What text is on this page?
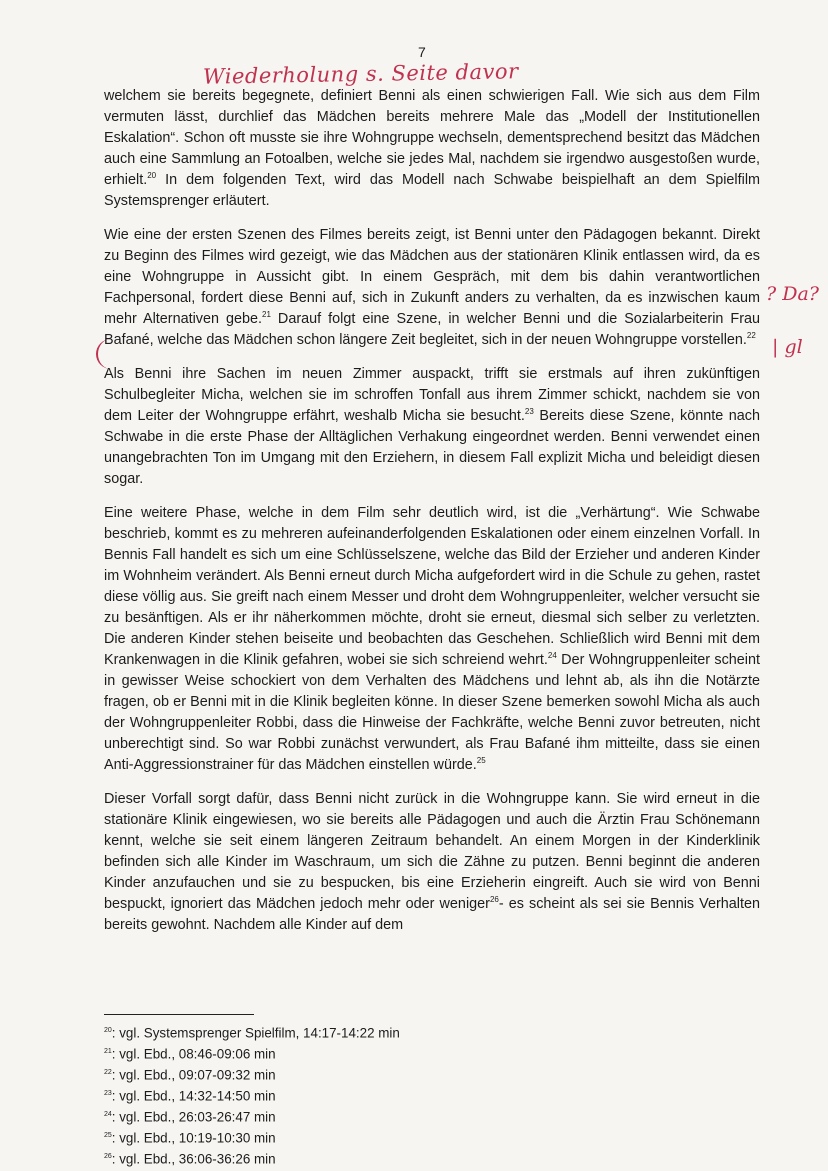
7
Wiederholung s. Seite davor
? Da?
| gl

welchem sie bereits begegnete, definiert Benni als einen schwierigen Fall. Wie sich aus dem Film vermuten lässt, durchlief das Mädchen bereits mehrere Male das „Modell der Institutionellen Eskalation“. Schon oft musste sie ihre Wohngruppe wechseln, dementsprechend besitzt das Mädchen auch eine Sammlung an Fotoalben, welche sie jedes Mal, nachdem sie irgendwo ausgestoßen wurde, erhielt.$^{20}$ In dem folgenden Text, wird das Modell nach Schwabe beispielhaft an dem Spielfilm Systemsprenger erläutert.

Wie eine der ersten Szenen des Filmes bereits zeigt, ist Benni unter den Pädagogen bekannt. Direkt zu Beginn des Filmes wird gezeigt, wie das Mädchen aus der stationären Klinik entlassen wird, da es eine Wohngruppe in Aussicht gibt. In einem Gespräch, mit dem bis dahin verantwortlichen Fachpersonal, fordert diese Benni auf, sich in Zukunft anders zu verhalten, da es inzwischen kaum mehr Alternativen gebe.$^{21}$ Darauf folgt eine Szene, in welcher Benni und die Sozialarbeiterin Frau Bafané, welche das Mädchen schon längere Zeit begleitet, sich in der neuen Wohngruppe vorstellen.$^{22}$

Als Benni ihre Sachen im neuen Zimmer auspackt, trifft sie erstmals auf ihren zukünftigen Schulbegleiter Micha, welchen sie im schroffen Tonfall aus ihrem Zimmer schickt, nachdem sie von dem Leiter der Wohngruppe erfährt, weshalb Micha sie besucht.$^{23}$ Bereits diese Szene, könnte nach Schwabe in die erste Phase der Alltäglichen Verhakung eingeordnet werden. Benni verwendet einen unangebrachten Ton im Umgang mit den Erziehern, in diesem Fall explizit Micha und beleidigt diesen sogar.

Eine weitere Phase, welche in dem Film sehr deutlich wird, ist die „Verhärtung“. Wie Schwabe beschrieb, kommt es zu mehreren aufeinanderfolgenden Eskalationen oder einem einzelnen Vorfall. In Bennis Fall handelt es sich um eine Schlüsselszene, welche das Bild der Erzieher und anderen Kinder im Wohnheim verändert. Als Benni erneut durch Micha aufgefordert wird in die Schule zu gehen, rastet diese völlig aus. Sie greift nach einem Messer und droht dem Wohngruppenleiter, welcher versucht sie zu besänftigen. Als er ihr näherkommen möchte, droht sie erneut, diesmal sich selber zu verletzten. Die anderen Kinder stehen beiseite und beobachten das Geschehen. Schließlich wird Benni mit dem Krankenwagen in die Klinik gefahren, wobei sie sich schreiend wehrt.$^{24}$ Der Wohngruppenleiter scheint in gewisser Weise schockiert von dem Verhalten des Mädchens und lehnt ab, als ihn die Notärzte fragen, ob er Benni mit in die Klinik begleiten könne. In dieser Szene bemerken sowohl Micha als auch der Wohngruppenleiter Robbi, dass die Hinweise der Fachkräfte, welche Benni zuvor betreuten, nicht unberechtigt sind. So war Robbi zunächst verwundert, als Frau Bafané ihm mitteilte, dass sie einen Anti-Aggressionstrainer für das Mädchen einstellen würde.$^{25}$

Dieser Vorfall sorgt dafür, dass Benni nicht zurück in die Wohngruppe kann. Sie wird erneut in die stationäre Klinik eingewiesen, wo sie bereits alle Pädagogen und auch die Ärztin Frau Schönemann kennt, welche sie seit einem längeren Zeitraum behandelt. An einem Morgen in der Kinderklinik befinden sich alle Kinder im Waschraum, um sich die Zähne zu putzen. Benni beginnt die anderen Kinder anzufauchen und sie zu bespucken, bis eine Erzieherin eingreift. Auch sie wird von Benni bespuckt, ignoriert das Mädchen jedoch mehr oder weniger$^{26}$- es scheint als sei sie Bennis Verhalten bereits gewohnt. Nachdem alle Kinder auf dem

$^{20}$: vgl. Systemsprenger Spielfilm, 14:17-14:22 min
$^{21}$: vgl. Ebd., 08:46-09:06 min
$^{22}$: vgl. Ebd., 09:07-09:32 min
$^{23}$: vgl. Ebd., 14:32-14:50 min
$^{24}$: vgl. Ebd., 26:03-26:47 min
$^{25}$: vgl. Ebd., 10:19-10:30 min
$^{26}$: vgl. Ebd., 36:06-36:26 min
